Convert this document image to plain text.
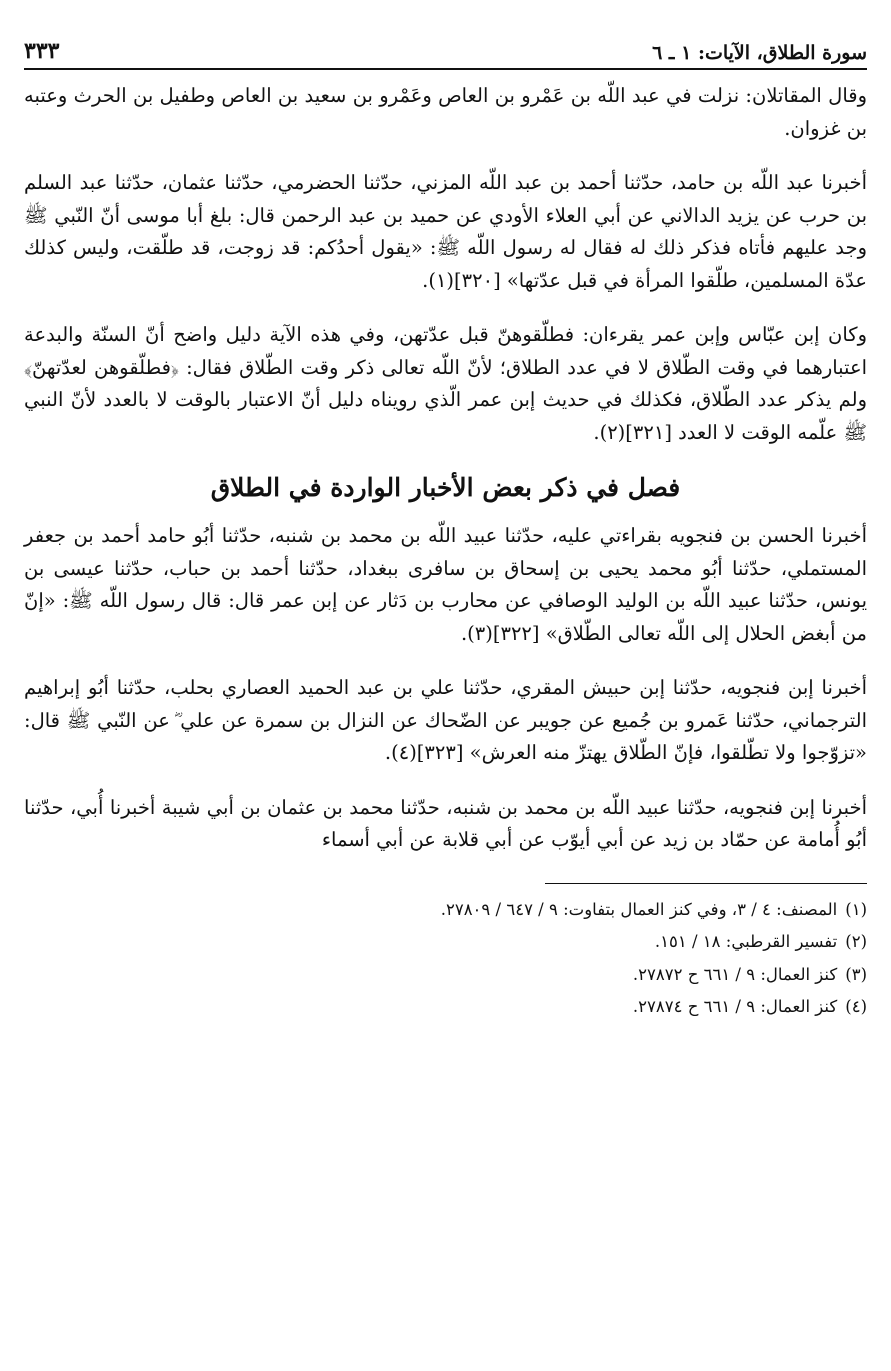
سورة الطلاق، الآيات: ١ ـ ٦
٣٣٣

وقال المقاتلان: نزلت في عبد اللّه بن عَمْرو بن العاص وعَمْرو بن سعيد بن العاص وطفيل بن الحرث وعتبه بن غزوان.

أخبرنا عبد اللّه بن حامد، حدّثنا أحمد بن عبد اللّه المزني، حدّثنا الحضرمي، حدّثنا عثمان، حدّثنا عبد السلم بن حرب عن يزيد الدالاني عن أبي العلاء الأودي عن حميد بن عبد الرحمن قال: بلغ أبا موسى أنّ النّبي ﷺ وجد عليهم فأتاه فذكر ذلك له فقال له رسول اللّه ﷺ: «يقول أحدُكم: قد زوجت، قد طلّقت، وليس كذلك عدّة المسلمين، طلّقوا المرأة في قبل عدّتها» [٣٢٠](١).

وكان إبن عبّاس وإبن عمر يقرءان: فطلّقوهنّ قبل عدّتهن، وفي هذه الآية دليل واضح أنّ السنّة والبدعة اعتبارهما في وقت الطّلاق لا في عدد الطلاق؛ لأنّ اللّه تعالى ذكر وقت الطّلاق فقال: ﴿فطلّقوهن لعدّتهنّ﴾ ولم يذكر عدد الطّلاق، فكذلك في حديث إبن عمر الّذي رويناه دليل أنّ الاعتبار بالوقت لا بالعدد لأنّ النبي ﷺ علّمه الوقت لا العدد [٣٢١](٢).

فصل في ذكر بعض الأخبار الواردة في الطلاق

أخبرنا الحسن بن فنجويه بقراءتي عليه، حدّثنا عبيد اللّه بن محمد بن شنبه، حدّثنا أبُو حامد أحمد بن جعفر المستملي، حدّثنا أبُو محمد يحيى بن إسحاق بن سافرى ببغداد، حدّثنا أحمد بن حباب، حدّثنا عيسى بن يونس، حدّثنا عبيد اللّه بن الوليد الوصافي عن محارب بن دَثار عن إبن عمر قال: قال رسول اللّه ﷺ: «إنّ من أبغض الحلال إلى اللّه تعالى الطّلاق» [٣٢٢](٣).

أخبرنا إبن فنجويه، حدّثنا إبن حبيش المقري، حدّثنا علي بن عبد الحميد العصاري بحلب، حدّثنا أبُو إبراهيم الترجماني، حدّثنا عَمرو بن جُميع عن جويبر عن الضّحاك عن النزال بن سمرة عن علي ؓ عن النّبي ﷺ قال: «تزوّجوا ولا تطّلقوا، فإنّ الطّلاق يهتزّ منه العرش» [٣٢٣](٤).

أخبرنا إبن فنجويه، حدّثنا عبيد اللّه بن محمد بن شنبه، حدّثنا محمد بن عثمان بن أبي شيبة أخبرنا أُبي، حدّثنا أبُو أُمامة عن حمّاد بن زيد عن أبي أيوّب عن أبي قلابة عن أبي أسماء

(١)المصنف: ٤ / ٣، وفي كنز العمال بتفاوت: ٩ / ٦٤٧ / ٢٧٨٠٩.
(٢)تفسير القرطبي: ١٨ / ١٥١.
(٣)كنز العمال: ٩ / ٦٦١ ح ٢٧٨٧٢.
(٤)كنز العمال: ٩ / ٦٦١ ح ٢٧٨٧٤.
